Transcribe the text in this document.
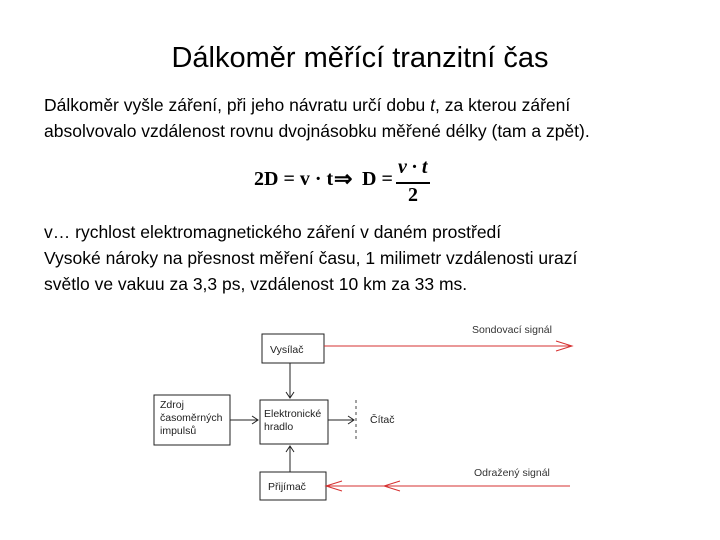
Dálkoměr měřící tranzitní čas
Dálkoměr vyšle záření, při jeho návratu určí dobu t, za kterou záření
absolvovalo vzdálenost rovnu dvojnásobku měřené délky (tam a zpět).
2D = v · t ⇒ D =
v · t
2
v… rychlost elektromagnetického záření v daném prostředí
Vysoké nároky na přesnost měření času, 1 milimetr vzdálenosti urazí
světlo ve vakuu za 3,3 ps, vzdálenost 10 km za 33 ms.
Vysílač
Zdroj
časoměrných
impulsů
Elektronické
hradlo
Čítač
Přijímač
Sondovací signál
Odražený signál
